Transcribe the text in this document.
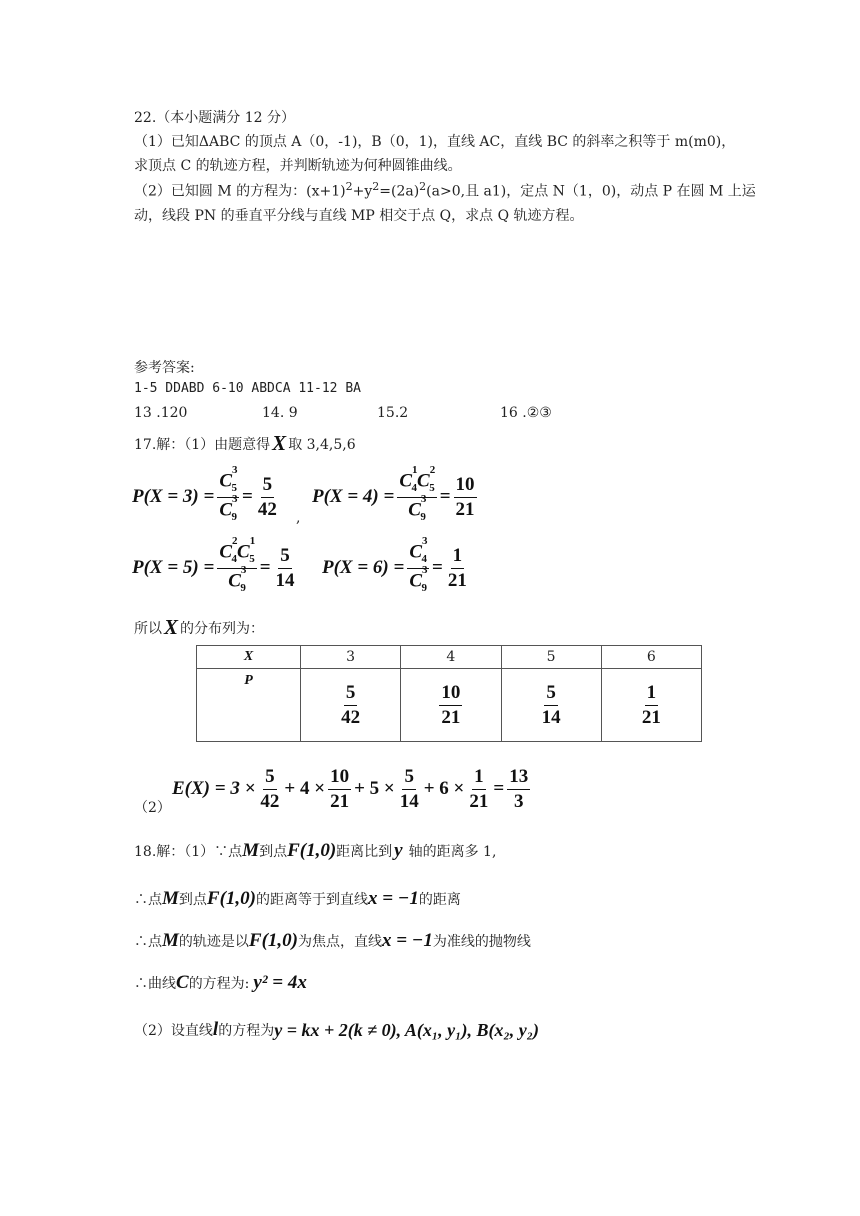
22.（本小题满分 12 分）
（1）已知ΔABC 的顶点 A（0，-1)，B（0，1)，直线 AC，直线 BC 的斜率之积等于 m(m0)，
求顶点 C 的轨迹方程，并判断轨迹为何种圆锥曲线。
（2）已知圆 M 的方程为：$(x+1)^2+y^2=(2a)^2(a>0$,且 a1)，定点 N（1，0)，动点 P 在圆 M 上运
动，线段 PN 的垂直平分线与直线 MP 相交于点 Q，求点 Q 轨迹方程。
参考答案:
1-5 DDABD 6-10 ABDCA 11-12 BA
13 .120	14. 9	15.2	16 .②③
17.解：（1）由题意得 X 取 3,4,5,6
$P(X = 3) = \frac{C^3_5}{C^3_9} = \frac{5}{42}$ ,
$P(X = 4) = \frac{C^1_4C^2_5}{C^3_9} = \frac{10}{21}$
$P(X = 5) = \frac{C^2_4C^1_5}{C^3_9} = \frac{5}{14} P(X = 6) = \frac{C^3_4}{C^3_9} = \frac{1}{21}$
所以 X 的分布列为：
X	3	4	5	6
P	$\frac{5}{42}$	$\frac{10}{21}$	$\frac{5}{14}$	$\frac{1}{21}$
（2）
$E(X) = 3 \times \frac{5}{42} + 4 \times \frac{10}{21} + 5 \times \frac{5}{14} + 6 \times \frac{1}{21} = \frac{13}{3}$
18.解：（1）∵点 M 到点 F(1,0) 距离比到 y 轴的距离多 1,
∴点 M 到点 F(1,0) 的距离等于到直线 x = −1 的距离
∴点 M 的轨迹是以 F(1,0) 为焦点，直线 x = −1 为准线的抛物线
∴曲线 C 的方程为: y² = 4x
（2）设直线 l 的方程为 y = kx + 2(k ≠ 0), A(x₁, y₁), B(x₂, y₂)
